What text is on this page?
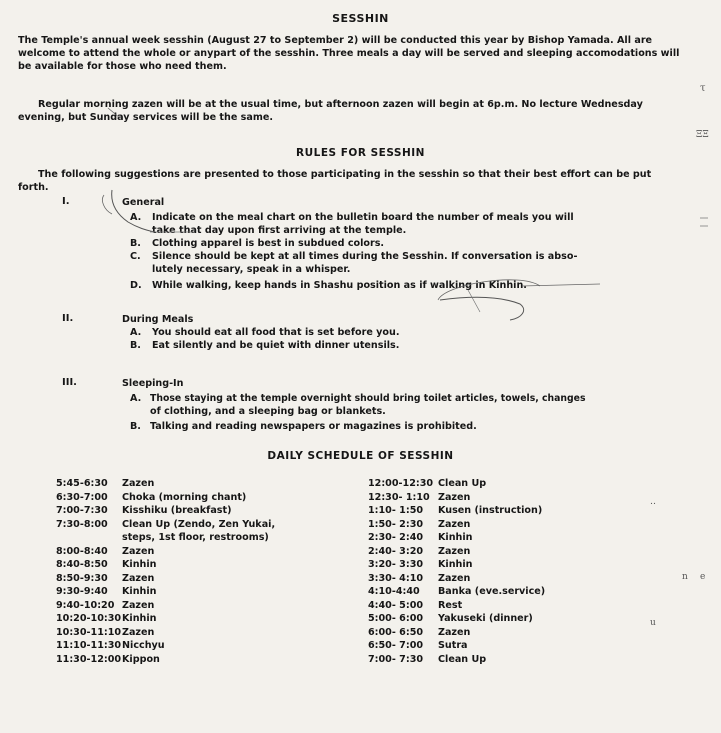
SESSHIN
The Temple's annual week sesshin (August 27 to September 2) will be conducted this year by Bishop Yamada. All are welcome to attend the whole or anypart of the sesshin. Three meals a day will be served and sleeping accomodations will be available for those who need them.
Regular morning zazen will be at the usual time, but afternoon zazen will begin at 6p.m. No lecture Wednesday evening, but Sunday services will be the same.
RULES FOR SESSHIN
The following suggestions are presented to those participating in the sesshin so that their best effort can be put forth.
I.	General
A. Indicate on the meal chart on the bulletin board the number of meals you will
take that day upon first arriving at the temple.
B. Clothing apparel is best in subdued colors.
C. Silence should be kept at all times during the Sesshin. If conversation is abso-
lutely necessary, speak in a whisper.
D. While walking, keep hands in Shashu position as if walking in Kinhin.
II.	During Meals
A. You should eat all food that is set before you.
B. Eat silently and be quiet with dinner utensils.
III.	Sleeping-In
A. Those staying at the temple overnight should bring toilet articles, towels, changes
of clothing, and a sleeping bag or blankets.
B. Talking and reading newspapers or magazines is prohibited.
DAILY SCHEDULE OF SESSHIN
5:45-6:30	Zazen
6:30-7:00	Choka (morning chant)
7:00-7:30	Kisshiku (breakfast)
7:30-8:00	Clean Up (Zendo, Zen Yukai,
steps, 1st floor, restrooms)
8:00-8:40	Zazen
8:40-8:50	Kinhin
8:50-9:30	Zazen
9:30-9:40	Kinhin
9:40-10:20 Zazen
10:20-10:30 Kinhin
10:30-11:10 Zazen
11:10-11:30 Nicchyu
11:30-12:00 Kippon
12:00-12:30 Clean Up
12:30- 1:10 Zazen
1:10- 1:50	Kusen (instruction)
1:50- 2:30	Zazen
2:30- 2:40	Kinhin
2:40- 3:20	Zazen
3:20- 3:30	Kinhin
3:30- 4:10	Zazen
4:10-4:40	Banka (eve.service)
4:40- 5:00	Rest
5:00- 6:00	Yakuseki (dinner)
6:00- 6:50	Zazen
6:50- 7:00	Sutra
7:00- 7:30	Clean Up
τ
ΞΞ
‥
n e
u
